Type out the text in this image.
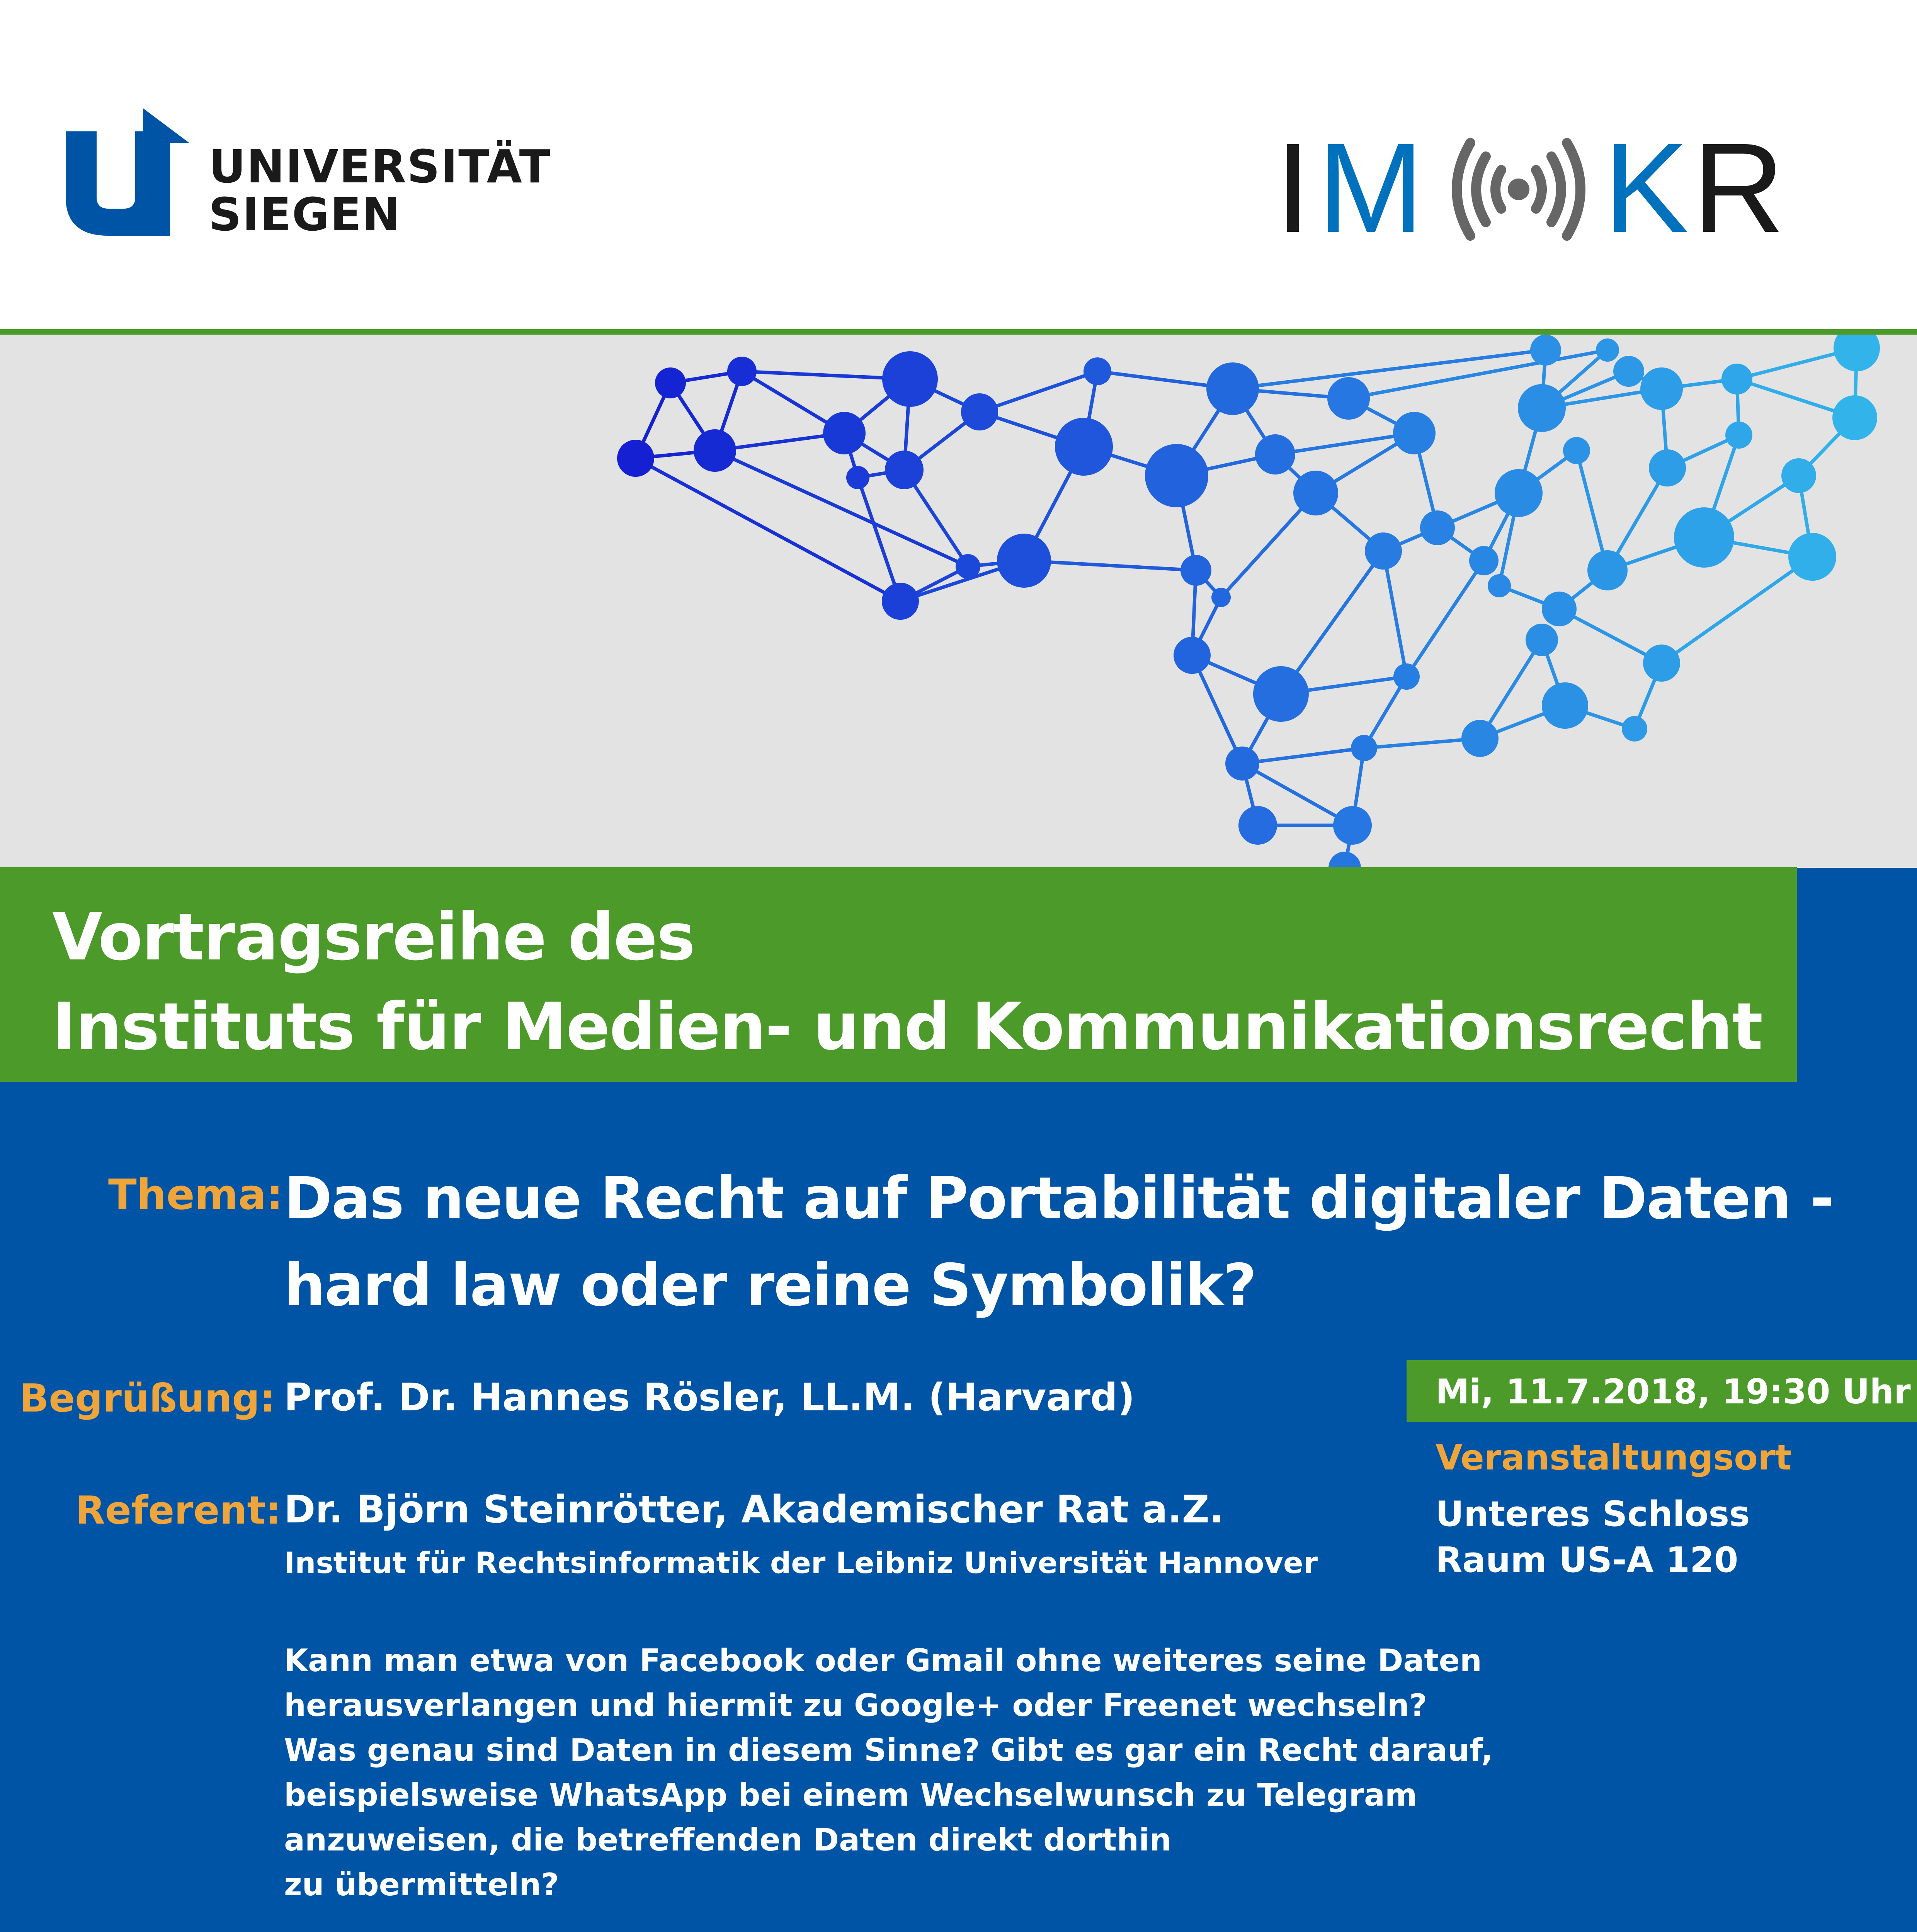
UNIVERSITÄT
SIEGEN	I M K R
Vortragsreihe des
Instituts für Medien- und Kommunikationsrecht
Thema: Das neue Recht auf Portabilität digitaler Daten -
hard law oder reine Symbolik?
Begrüßung: Prof. Dr. Hannes Rösler, LL.M. (Harvard)
Referent: Dr. Björn Steinrötter, Akademischer Rat a.Z.
Institut für Rechtsinformatik der Leibniz Universität Hannover
Mi, 11.7.2018, 19:30 Uhr
Veranstaltungsort
Unteres Schloss
Raum US-A 120

Kann man etwa von Facebook oder Gmail ohne weiteres seine Daten
herausverlangen und hiermit zu Google+ oder Freenet wechseln?
Was genau sind Daten in diesem Sinne? Gibt es gar ein Recht darauf,
beispielsweise WhatsApp bei einem Wechselwunsch zu Telegram
anzuweisen, die betreffenden Daten direkt dorthin
zu übermitteln?
